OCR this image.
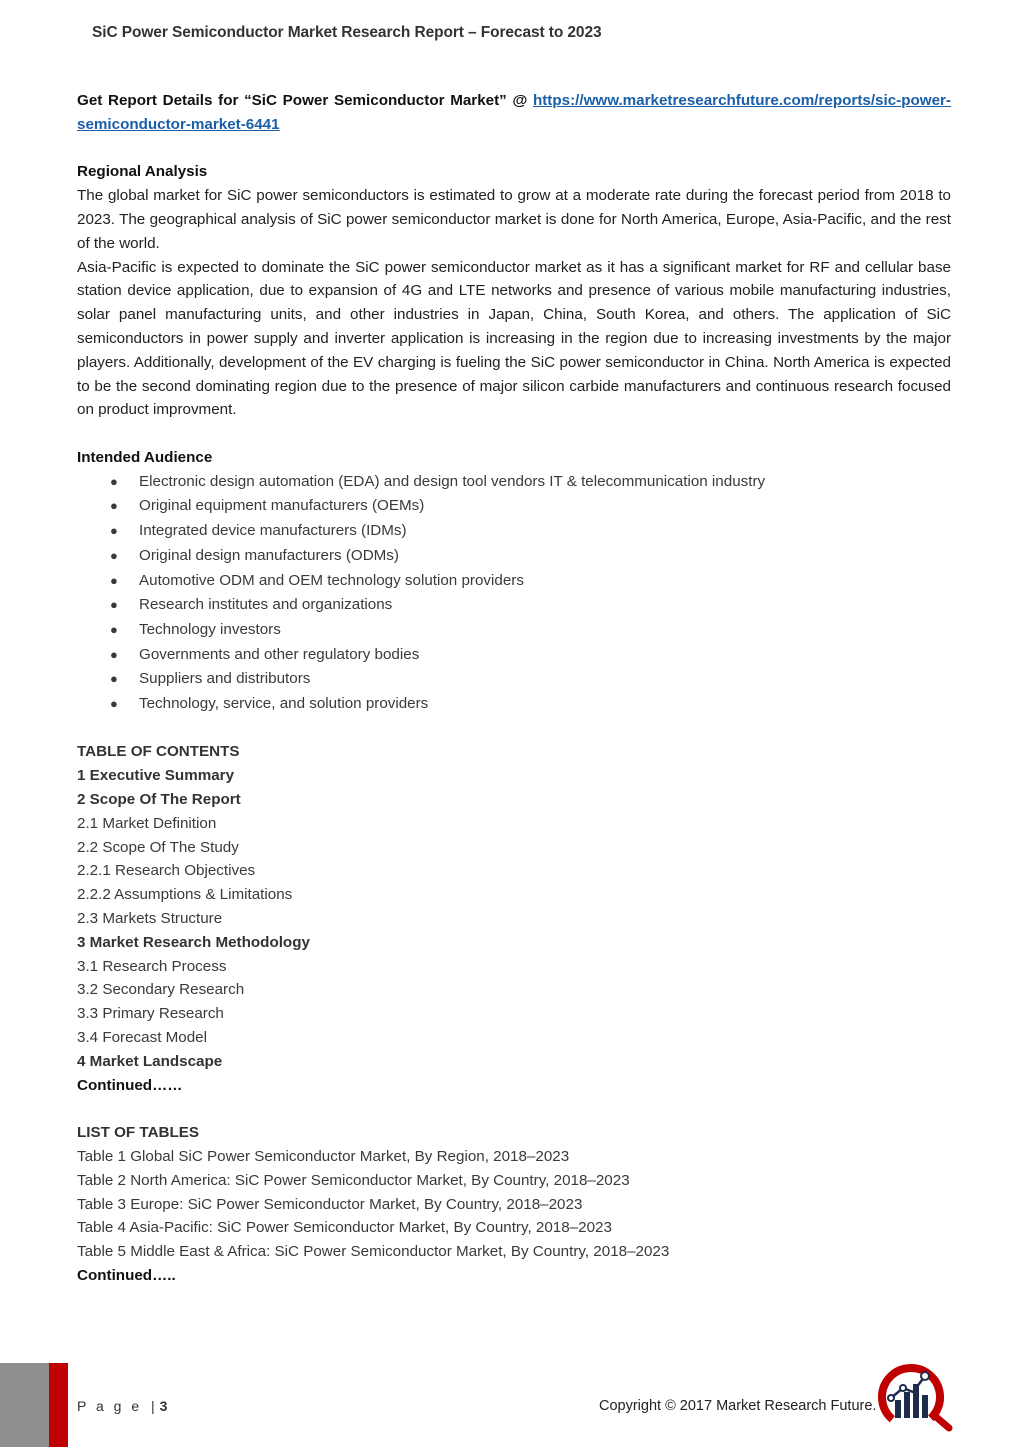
SiC Power Semiconductor Market Research Report – Forecast to 2023
Get Report Details for “SiC Power Semiconductor Market” @ https://www.marketresearchfuture.com/reports/sic-power-semiconductor-market-6441
Regional Analysis
The global market for SiC power semiconductors is estimated to grow at a moderate rate during the forecast period from 2018 to 2023. The geographical analysis of SiC power semiconductor market is done for North America, Europe, Asia-Pacific, and the rest of the world.
Asia-Pacific is expected to dominate the SiC power semiconductor market as it has a significant market for RF and cellular base station device application, due to expansion of 4G and LTE networks and presence of various mobile manufacturing industries, solar panel manufacturing units, and other industries in Japan, China, South Korea, and others. The application of SiC semiconductors in power supply and inverter application is increasing in the region due to increasing investments by the major players. Additionally, development of the EV charging is fueling the SiC power semiconductor in China. North America is expected to be the second dominating region due to the presence of major silicon carbide manufacturers and continuous research focused on product improvment.
Intended Audience
● Electronic design automation (EDA) and design tool vendors IT & telecommunication industry
● Original equipment manufacturers (OEMs)
● Integrated device manufacturers (IDMs)
● Original design manufacturers (ODMs)
● Automotive ODM and OEM technology solution providers
● Research institutes and organizations
● Technology investors
● Governments and other regulatory bodies
● Suppliers and distributors
● Technology, service, and solution providers
TABLE OF CONTENTS
1 Executive Summary
2 Scope Of The Report
2.1 Market Definition
2.2 Scope Of The Study
2.2.1 Research Objectives
2.2.2 Assumptions & Limitations
2.3 Markets Structure
3 Market Research Methodology
3.1 Research Process
3.2 Secondary Research
3.3 Primary Research
3.4 Forecast Model
4 Market Landscape
Continued……
LIST OF TABLES
Table 1 Global SiC Power Semiconductor Market, By Region, 2018–2023
Table 2 North America: SiC Power Semiconductor Market, By Country, 2018–2023
Table 3 Europe: SiC Power Semiconductor Market, By Country, 2018–2023
Table 4 Asia-Pacific: SiC Power Semiconductor Market, By Country, 2018–2023
Table 5 Middle East & Africa: SiC Power Semiconductor Market, By Country, 2018–2023
Continued…..
P a g e | 3	Copyright © 2017 Market Research Future.
